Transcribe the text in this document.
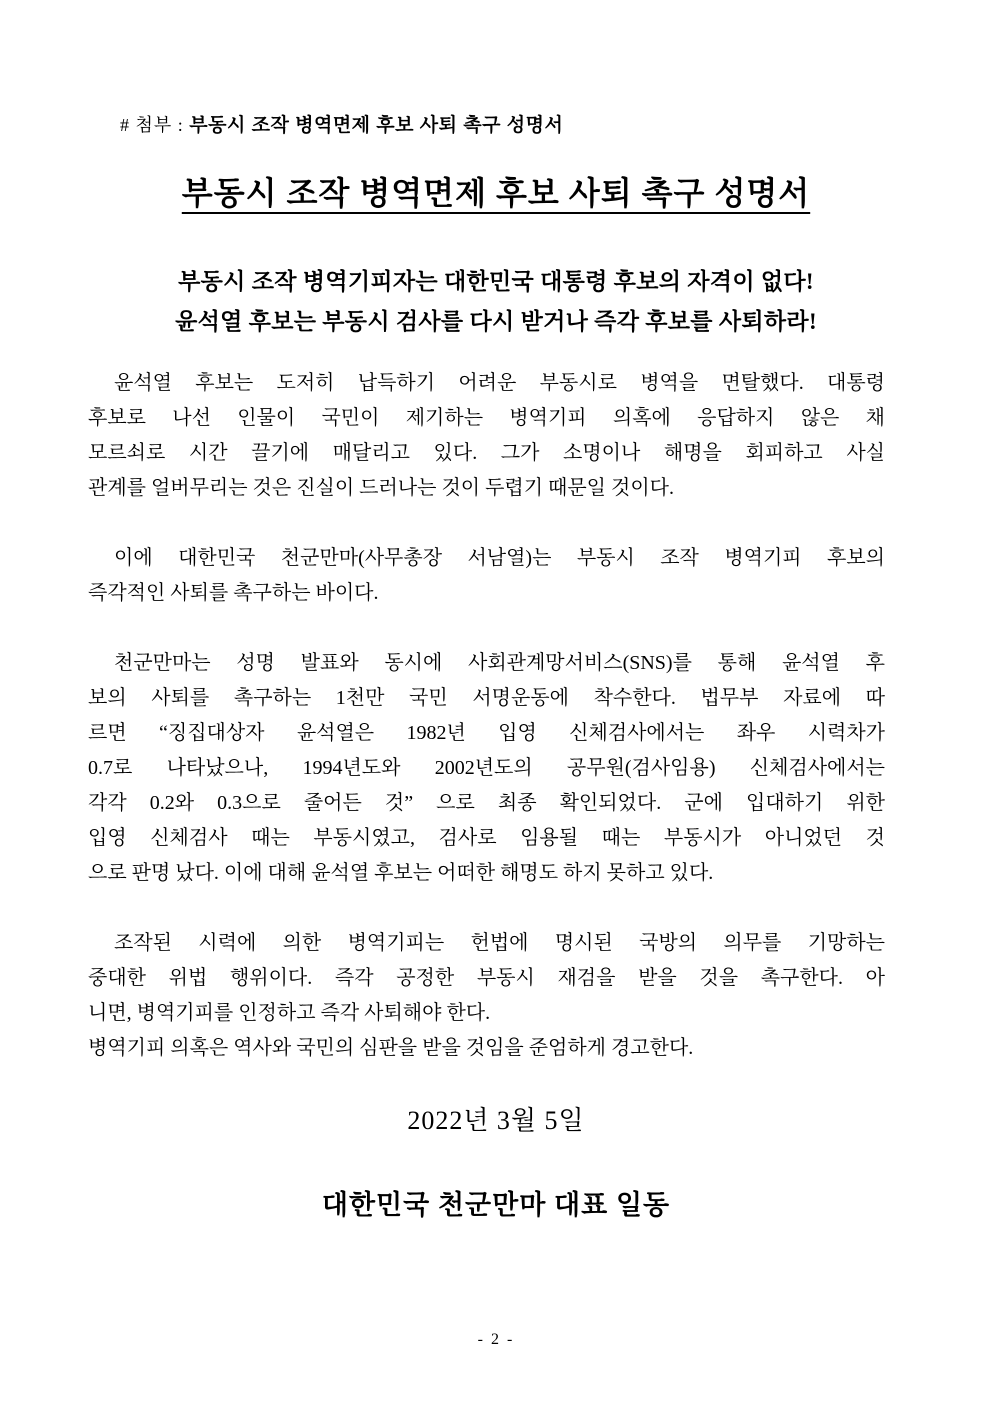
# 첨부 : 부동시 조작 병역면제 후보 사퇴 촉구 성명서
부동시 조작 병역면제 후보 사퇴 촉구 성명서
부동시 조작 병역기피자는 대한민국 대통령 후보의 자격이 없다!
윤석열 후보는 부동시 검사를 다시 받거나 즉각 후보를 사퇴하라!
윤석열 후보는 도저히 납득하기 어려운 부동시로 병역을 면탈했다. 대통령
후보로 나선 인물이 국민이 제기하는 병역기피 의혹에 응답하지 않은 채
모르쇠로 시간 끌기에 매달리고 있다. 그가 소명이나 해명을 회피하고 사실
관계를 얼버무리는 것은 진실이 드러나는 것이 두렵기 때문일 것이다.
이에 대한민국 천군만마(사무총장 서남열)는 부동시 조작 병역기피 후보의
즉각적인 사퇴를 촉구하는 바이다.
천군만마는 성명 발표와 동시에 사회관계망서비스(SNS)를 통해 윤석열 후
보의 사퇴를 촉구하는 1천만 국민 서명운동에 착수한다. 법무부 자료에 따
르면 “징집대상자 윤석열은 1982년 입영 신체검사에서는 좌우 시력차가
0.7로 나타났으나, 1994년도와 2002년도의 공무원(검사임용) 신체검사에서는
각각 0.2와 0.3으로 줄어든 것” 으로 최종 확인되었다. 군에 입대하기 위한
입영 신체검사 때는 부동시였고, 검사로 임용될 때는 부동시가 아니었던 것
으로 판명 났다. 이에 대해 윤석열 후보는 어떠한 해명도 하지 못하고 있다.
조작된 시력에 의한 병역기피는 헌법에 명시된 국방의 의무를 기망하는
중대한 위법 행위이다. 즉각 공정한 부동시 재검을 받을 것을 촉구한다. 아
니면, 병역기피를 인정하고 즉각 사퇴해야 한다.
병역기피 의혹은 역사와 국민의 심판을 받을 것임을 준엄하게 경고한다.
2022년 3월 5일
대한민국 천군만마 대표 일동
- 2 -
